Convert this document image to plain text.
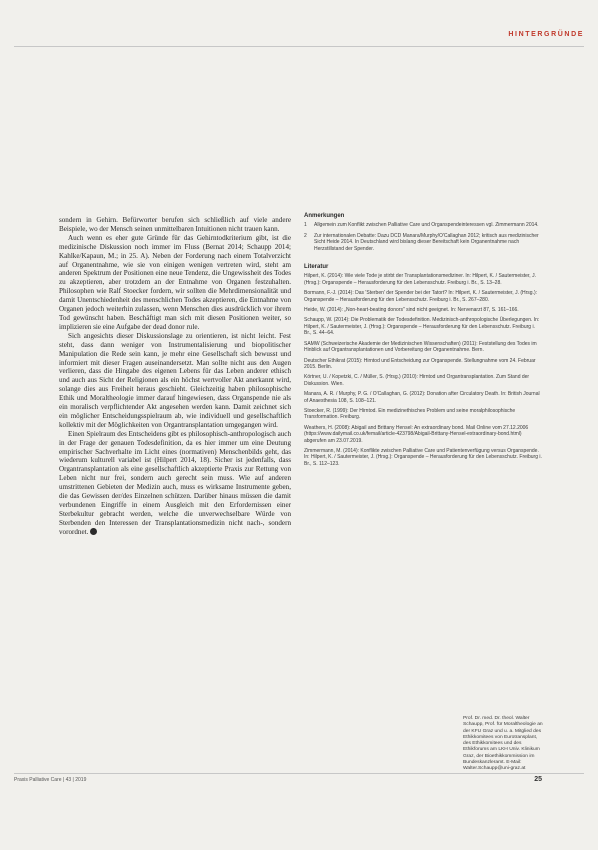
HINTERGRÜNDE

sondern in Gehirn. Befürworter berufen sich schließlich auf viele andere Beispiele, wo der Mensch seinen unmittelbaren Intuitionen nicht trauen kann.

Auch wenn es eher gute Gründe für das Gehirntodkriterium gibt, ist die medizinische Diskussion noch immer im Fluss (Bernat 2014; Schaupp 2014; Kahlke/Kapaun, M.; in 25. A). Neben der Forderung nach einem Totalverzicht auf Organentnahme, wie sie von einigen wenigen vertreten wird, steht am anderen Spektrum der Positionen eine neue Tendenz, die Ungewissheit des Todes zu akzeptieren, aber trotzdem an der Entnahme von Organen festzuhalten. Philosophen wie Ralf Stoecker fordern, wir sollten die Mehrdimensionalität und damit Unentschiedenheit des menschlichen Todes akzeptieren, die Entnahme von Organen jedoch weiterhin zulassen, wenn Menschen dies ausdrücklich vor ihrem Tod gewünscht haben. Beschäftigt man sich mit diesen Positionen weiter, so implizieren sie eine Aufgabe der dead donor rule.

Sich angesichts dieser Diskussionslage zu orientieren, ist nicht leicht. Fest steht, dass dann weniger von Instrumentalisierung und biopolitischer Manipulation die Rede sein kann, je mehr eine Gesellschaft sich bewusst und informiert mit dieser Fragen auseinandersetzt. Man sollte nicht aus den Augen verlieren, dass die Hingabe des eigenen Lebens für das Leben anderer ethisch und auch aus Sicht der Religionen als ein höchst wertvoller Akt anerkannt wird, solange dies aus Freiheit heraus geschieht. Gleichzeitig haben philosophische Ethik und Moraltheologie immer darauf hingewiesen, dass Organspende nie als ein moralisch verpflichtender Akt angesehen werden kann. Damit zeichnet sich ein möglicher Entscheidungsspielraum ab, wie individuell und gesellschaftlich kollektiv mit der Möglichkeiten von Organtransplantation umgegangen wird.

Einen Spielraum des Entscheidens gibt es philosophisch-anthropologisch auch in der Frage der genauen Todesdefinition, da es hier immer um eine Deutung empirischer Sachverhalte im Licht eines (normativen) Menschenbilds geht, das wiederum kulturell variabel ist (Hilpert 2014, 18). Sicher ist jedenfalls, dass Organtransplantation als eine gesellschaftlich akzeptierte Praxis zur Rettung von Leben nicht nur frei, sondern auch gerecht sein muss. Wie auf anderen umstrittenen Gebieten der Medizin auch, muss es wirksame Instrumente geben, die das Gewissen der/des Einzelnen schützen. Darüber hinaus müssen die damit verbundenen Eingriffe in einem Ausgleich mit den Erfordernissen einer Sterbekultur gebracht werden, welche die unverwechselbare Würde von Sterbenden den Interessen der Transplantationsmedizin nicht nach-, sondern vorordnet.

Anmerkungen
1	Allgemein zum Konflikt zwischen Palliative Care und Organspendeinteressen vgl. Zimmermann 2014.
2	Zur internationalen Debatte: Dazu DCD Manara/Murphy/O'Callaghan 2012; kritisch aus medizinischer Sicht Heide 2014. In Deutschland wird bislang dieser Bereitschaft kein Organentnahme nach Herzstillstand der Spender.
Literatur
Hilpert, K. (2014): Wie viele Tode je stirbt der Transplantationsmediziner. In: Hilpert, K. / Sautermeister, J. (Hrsg.): Organspende – Herausforderung für den Lebensschutz. Freiburg i. Br., S. 13–28.
Bormann, F.-J. (2014): Das 'Sterben' der Spender bei der Tatort? In: Hilpert, K. / Sautermeister, J. (Hrsg.): Organspende – Herausforderung für den Lebensschutz. Freiburg i. Br., S. 267–280.
Heide, W. (2014): „Non-heart-beating donors" sind nicht geeignet. In: Nervenarzt 87, S. 161–166.
Schaupp, W. (2014): Die Problematik der Todesdefinition. Medizinisch-anthropologische Überlegungen. In: Hilpert, K. / Sautermeister, J. (Hrsg.): Organspende – Herausforderung für den Lebensschutz. Freiburg i. Br., S. 44–64.
SAMW (Schweizerische Akademie der Medizinischen Wissenschaften) (2011): Feststellung des Todes im Hinblick auf Organtransplantationen und Vorbereitung der Organentnahme. Bern.
Deutscher Ethikrat (2015): Hirntod und Entscheidung zur Organspende. Stellungnahme vom 24. Februar 2015. Berlin.
Körtner, U. / Kopetzki, C. / Müller, S. (Hrsg.) (2010): Hirntod und Organtransplantation. Zum Stand der Diskussion. Wien.
Manara, A. R. / Murphy, P. G. / O'Callaghan, G. (2012): Donation after Circulatory Death. In: British Journal of Anaesthesia 108, S. 108–121.
Stoecker, R. (1999): Der Hirntod. Ein medizinethisches Problem und seine moralphilosophische Transformation. Freiburg.
Weathers, H. (2008): Abigail and Brittany Hensel: An extraordinary bond. Mail Online vom 27.12.2006 (https://www.dailymail.co.uk/femail/article-423798/Abigail-Brittany-Hensel-extraordinary-bond.html) abgerufen am 23.07.2019.
Zimmermann, M. (2014): Konflikte zwischen Palliative Care und Patientenverfügung versus Organspende. In: Hilpert, K. / Sautermeister, J. (Hrsg.): Organspende – Herausforderung für den Lebensschutz. Freiburg i. Br., S. 112–123.
Prof. Dr. med. Dr. theol. Walter Schaupp, Prof. für Moraltheologie an der KFU Graz und u. a. Mitglied des Ethikkomitees von Eurotransplant, des Ethikkomitees und des Ethikforums am LKH Univ. Klinikum Graz, der Bioethikkommission im Bundeskanzleramt. E-Mail: Walter.Schaupp@uni-graz.at
Praxis Palliative Care | 43 | 2019	25
